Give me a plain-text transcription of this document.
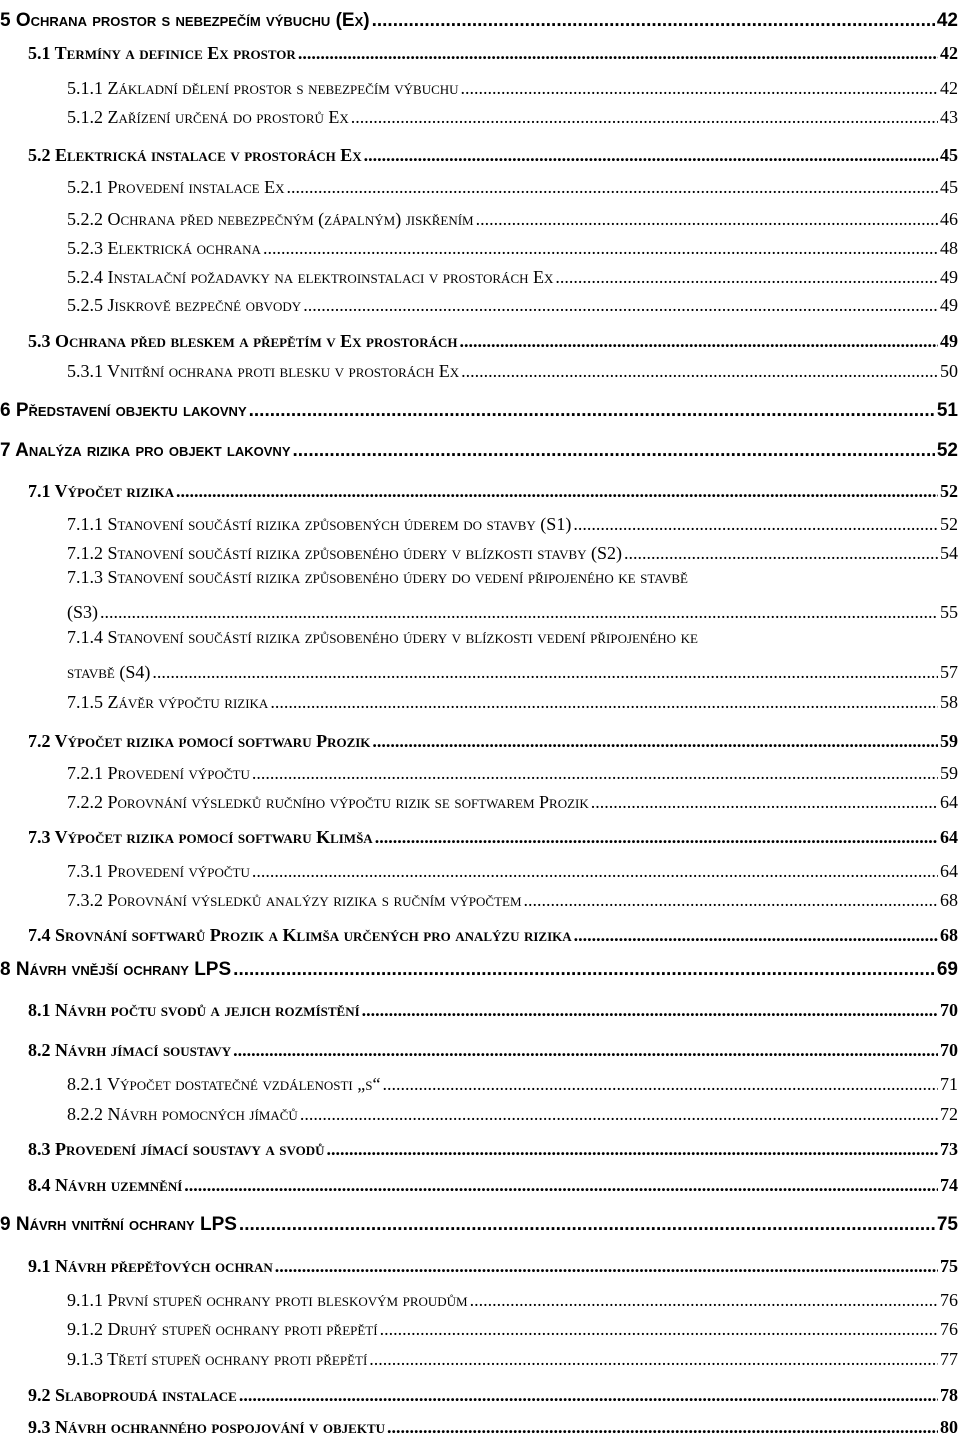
5 Ochrana prostor s nebezpečím výbuchu (Ex) .....	42
5.1 Termíny a definice Ex prostor .....	42
5.1.1 Základní dělení prostor s nebezpečím výbuchu .....	42
5.1.2 Zařízení určená do prostorů Ex .....	43
5.2 Elektrická instalace v prostorách Ex .....	45
5.2.1 Provedení instalace Ex .....	45
5.2.2 Ochrana před nebezpečným (zápalným) jiskřením .....	46
5.2.3 Elektrická ochrana .....	48
5.2.4 Instalační požadavky na elektroinstalaci v prostorách Ex .....	49
5.2.5 Jiskrově bezpečné obvody .....	49
5.3 Ochrana před bleskem a přepětím v Ex prostorách .....	49
5.3.1 Vnitřní ochrana proti blesku v prostorách Ex .....	50
6 Představení objektu lakovny .....	51
7 Analýza rizika pro objekt lakovny .....	52
7.1 Výpočet rizika .....	52
7.1.1 Stanovení součástí rizika způsobených úderem do stavby (S1) .....	52
7.1.2 Stanovení součástí rizika způsobeného údery v blízkosti stavby (S2) .....	54
7.1.3 Stanovení součástí rizika způsobeného údery do vedení připojeného ke stavbě
(S3) .....	55
7.1.4 Stanovení součástí rizika způsobeného údery v blízkosti vedení připojeného ke
stavbě (S4) .....	57
7.1.5 Závěr výpočtu rizika .....	58
7.2 Výpočet rizika pomocí softwaru Prozik .....	59
7.2.1 Provedení výpočtu .....	59
7.2.2 Porovnání výsledků ručního výpočtu rizik se softwarem Prozik .....	64
7.3 Výpočet rizika pomocí softwaru Klimša .....	64
7.3.1 Provedení výpočtu .....	64
7.3.2 Porovnání výsledků analýzy rizika s ručním výpočtem .....	68
7.4 Srovnání softwarů Prozik a Klimša určených pro analýzu rizika .....	68
8 Návrh vnější ochrany LPS .....	69
8.1 Návrh počtu svodů a jejich rozmístění .....	70
8.2 Návrh jímací soustavy .....	70
8.2.1 Výpočet dostatečné vzdálenosti „s“ .....	71
8.2.2 Návrh pomocných jímačů .....	72
8.3 Provedení jímací soustavy a svodů .....	73
8.4 Návrh uzemnění .....	74
9 Návrh vnitřní ochrany LPS .....	75
9.1 Návrh přepěťových ochran .....	75
9.1.1 První stupeň ochrany proti bleskovým proudům .....	76
9.1.2 Druhý stupeň ochrany proti přepětí .....	76
9.1.3 Třetí stupeň ochrany proti přepětí .....	77
9.2 Slaboproudá instalace .....	78
9.3 Návrh ochranného pospojování v objektu .....	80
